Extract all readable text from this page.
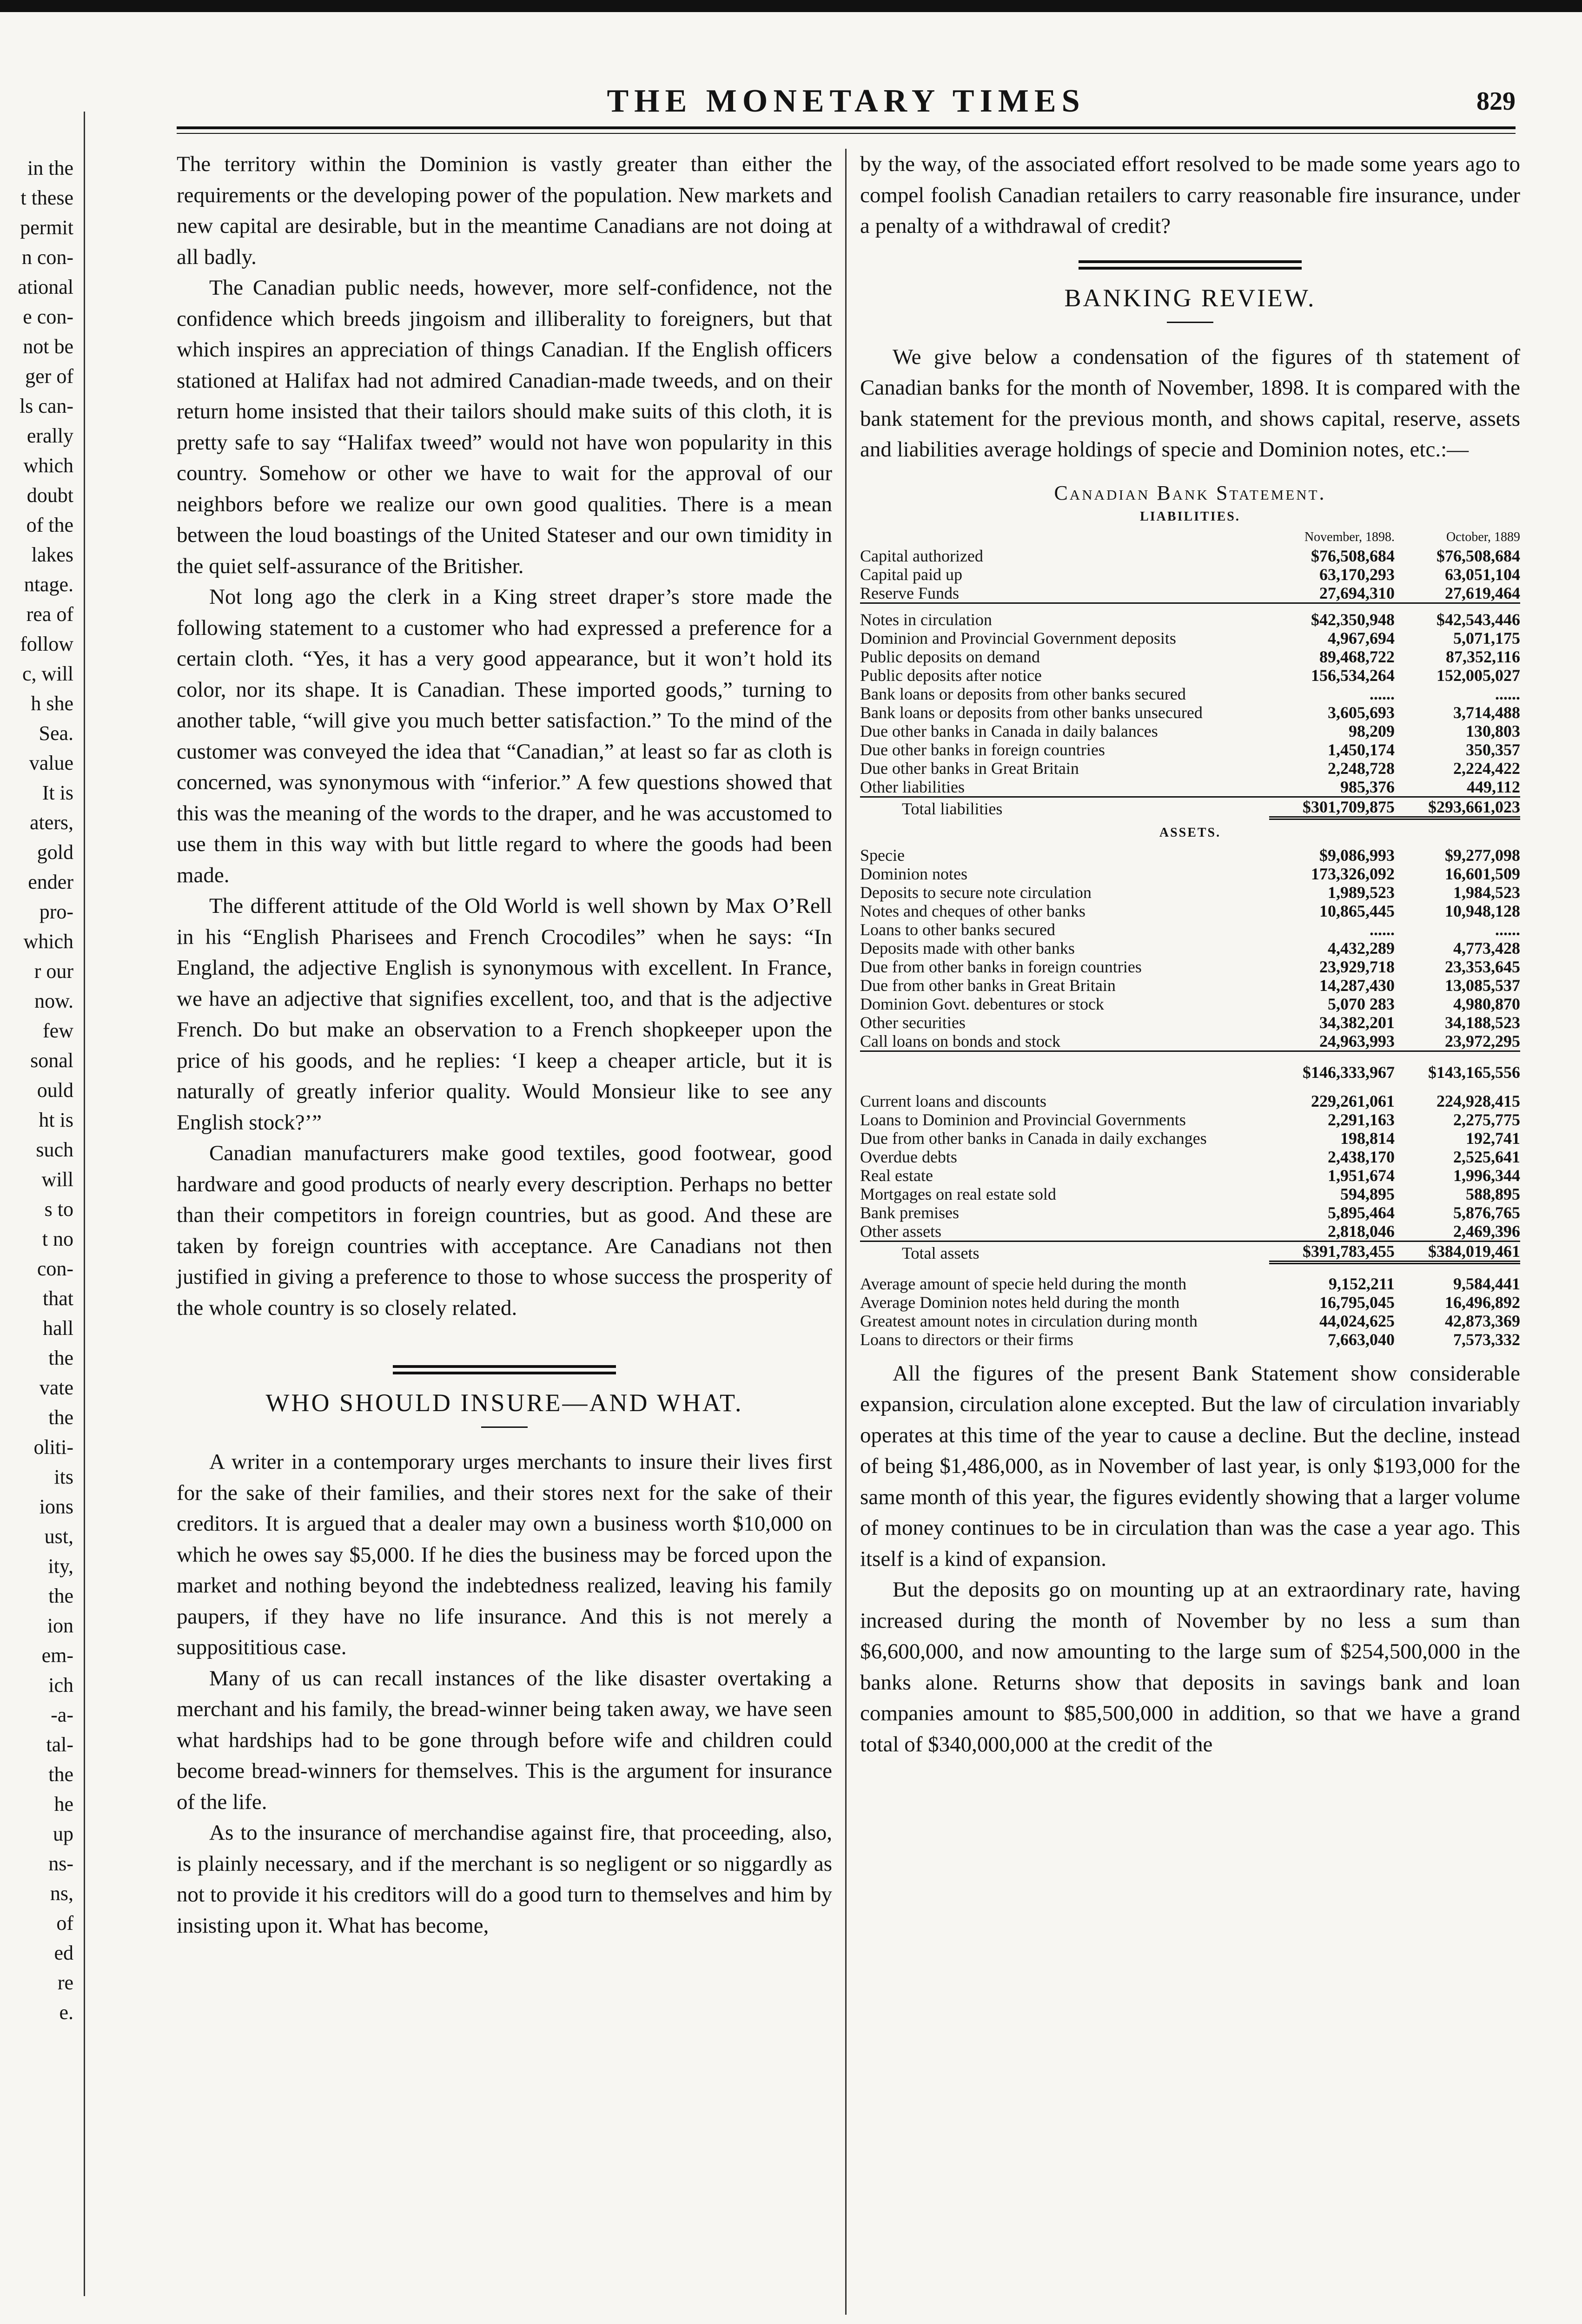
in the
t these
permit
n con-
ational
e con-
not be
ger of
ls can-
erally
which
doubt
of the
lakes
ntage.
rea of
follow
c, will
h she
Sea.
value
It is
aters,
gold
ender
pro-
which
r our
now.
few
sonal
ould
ht is
such
will
s to
t no
con-
that
hall
the
vate
the
oliti-
its
ions
ust,
ity,
the
ion
em-
ich
-a-
tal-
the
he
up
ns-
ns,
of
ed
re
e.
THE MONETARY TIMES	829

The territory within the Dominion is vastly greater than either the requirements or the developing power of the population. New markets and new capital are desirable, but in the meantime Canadians are not doing at all badly.

The Canadian public needs, however, more self-confidence, not the confidence which breeds jingoism and illiberality to foreigners, but that which inspires an appreciation of things Canadian. If the English officers stationed at Halifax had not admired Canadian-made tweeds, and on their return home insisted that their tailors should make suits of this cloth, it is pretty safe to say “Halifax tweed” would not have won popularity in this country. Somehow or other we have to wait for the approval of our neighbors before we realize our own good qualities. There is a mean between the loud boastings of the United Stateser and our own timidity in the quiet self-assurance of the Britisher.

Not long ago the clerk in a King street draper’s store made the following statement to a customer who had expressed a preference for a certain cloth. “Yes, it has a very good appearance, but it won’t hold its color, nor its shape. It is Canadian. These imported goods,” turning to another table, “will give you much better satisfaction.” To the mind of the customer was conveyed the idea that “Canadian,” at least so far as cloth is concerned, was synonymous with “inferior.” A few questions showed that this was the meaning of the words to the draper, and he was accustomed to use them in this way with but little regard to where the goods had been made.

The different attitude of the Old World is well shown by Max O’Rell in his “English Pharisees and French Crocodiles” when he says: “In England, the adjective English is synonymous with excellent. In France, we have an adjective that signifies excellent, too, and that is the adjective French. Do but make an observation to a French shopkeeper upon the price of his goods, and he replies: ‘I keep a cheaper article, but it is naturally of greatly inferior quality. Would Monsieur like to see any English stock?’”

Canadian manufacturers make good textiles, good footwear, good hardware and good products of nearly every description. Perhaps no better than their competitors in foreign countries, but as good. And these are taken by foreign countries with acceptance. Are Canadians not then justified in giving a preference to those to whose success the prosperity of the whole country is so closely related.

WHO SHOULD INSURE—AND WHAT.

A writer in a contemporary urges merchants to insure their lives first for the sake of their families, and their stores next for the sake of their creditors. It is argued that a dealer may own a business worth $10,000 on which he owes say $5,000. If he dies the business may be forced upon the market and nothing beyond the indebtedness realized, leaving his family paupers, if they have no life insurance. And this is not merely a supposititious case.

Many of us can recall instances of the like disaster overtaking a merchant and his family, the bread-winner being taken away, we have seen what hardships had to be gone through before wife and children could become bread-winners for themselves. This is the argument for insurance of the life.

As to the insurance of merchandise against fire, that proceeding, also, is plainly necessary, and if the merchant is so negligent or so niggardly as not to provide it his creditors will do a good turn to themselves and him by insisting upon it. What has become,

by the way, of the associated effort resolved to be made some years ago to compel foolish Canadian retailers to carry reasonable fire insurance, under a penalty of a withdrawal of credit?

BANKING REVIEW.

We give below a condensation of the figures of th statement of Canadian banks for the month of November, 1898. It is compared with the bank statement for the previous month, and shows capital, reserve, assets and liabilities average holdings of specie and Dominion notes, etc.:—

Canadian Bank Statement.
LIABILITIES.
	November, 1898.	October, 1889
Capital authorized	$76,508,684	$76,508,684
Capital paid up	63,170,293	63,051,104
Reserve Funds	27,694,310	27,619,464
Notes in circulation	$42,350,948	$42,543,446
Dominion and Provincial Government deposits	4,967,694	5,071,175
Public deposits on demand	89,468,722	87,352,116
Public deposits after notice	156,534,264	152,005,027
Bank loans or deposits from other banks secured	......	......
Bank loans or deposits from other banks unsecured	3,605,693	3,714,488
Due other banks in Canada in daily balances	98,209	130,803
Due other banks in foreign countries	1,450,174	350,357
Due other banks in Great Britain	2,248,728	2,224,422
Other liabilities	985,376	449,112
Total liabilities	$301,709,875	$293,661,023
ASSETS.		
Specie	$9,086,993	$9,277,098
Dominion notes	173,326,092	16,601,509
Deposits to secure note circulation	1,989,523	1,984,523
Notes and cheques of other banks	10,865,445	10,948,128
Loans to other banks secured	......	......
Deposits made with other banks	4,432,289	4,773,428
Due from other banks in foreign countries	23,929,718	23,353,645
Due from other banks in Great Britain	14,287,430	13,085,537
Dominion Govt. debentures or stock	5,070 283	4,980,870
Other securities	34,382,201	34,188,523
Call loans on bonds and stock	24,963,993	23,972,295
	$146,333,967	$143,165,556

Current loans and discounts	229,261,061	224,928,415
Loans to Dominion and Provincial Governments	2,291,163	2,275,775
Due from other banks in Canada in daily exchanges	198,814	192,741
Overdue debts	2,438,170	2,525,641
Real estate	1,951,674	1,996,344
Mortgages on real estate sold	594,895	588,895
Bank premises	5,895,464	5,876,765
Other assets	2,818,046	2,469,396
Total assets	$391,783,455	$384,019,461

Average amount of specie held during the month	9,152,211	9,584,441
Average Dominion notes held during the month	16,795,045	16,496,892
Greatest amount notes in circulation during month	44,024,625	42,873,369
Loans to directors or their firms	7,663,040	7,573,332

All the figures of the present Bank Statement show considerable expansion, circulation alone excepted. But the law of circulation invariably operates at this time of the year to cause a decline. But the decline, instead of being $1,486,000, as in November of last year, is only $193,000 for the same month of this year, the figures evidently showing that a larger volume of money continues to be in circulation than was the case a year ago. This itself is a kind of expansion.

But the deposits go on mounting up at an extraordinary rate, having increased during the month of November by no less a sum than $6,600,000, and now amounting to the large sum of $254,500,000 in the banks alone. Returns show that deposits in savings bank and loan companies amount to $85,500,000 in addition, so that we have a grand total of $340,000,000 at the credit of the
